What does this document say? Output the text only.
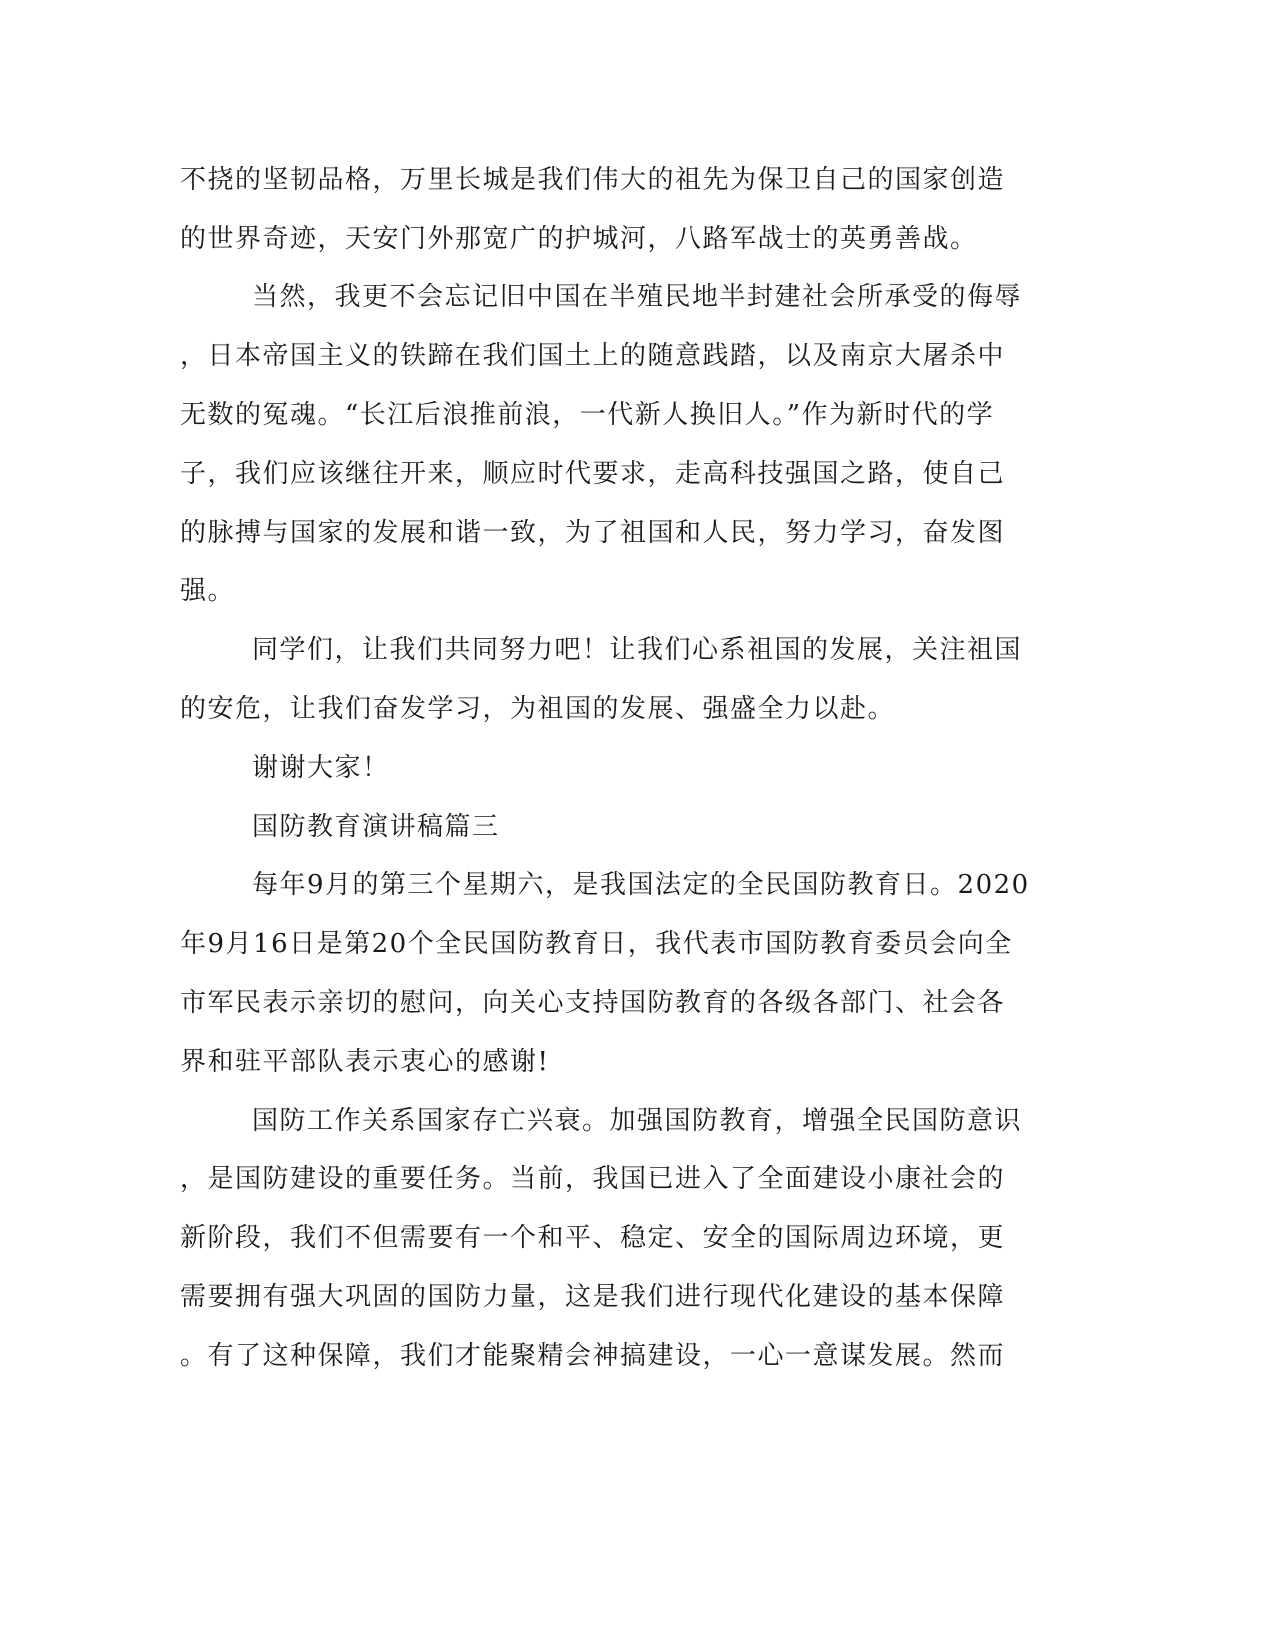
不挠的坚韧品格，万里长城是我们伟大的祖先为保卫自己的国家创造
的世界奇迹，天安门外那宽广的护城河，八路军战士的英勇善战。
当然，我更不会忘记旧中国在半殖民地半封建社会所承受的侮辱
，日本帝国主义的铁蹄在我们国土上的随意践踏，以及南京大屠杀中
无数的冤魂。“长江后浪推前浪，一代新人换旧人。”作为新时代的学
子，我们应该继往开来，顺应时代要求，走高科技强国之路，使自己
的脉搏与国家的发展和谐一致，为了祖国和人民，努力学习，奋发图
强。
同学们，让我们共同努力吧！让我们心系祖国的发展，关注祖国
的安危，让我们奋发学习，为祖国的发展、强盛全力以赴。
谢谢大家！
国防教育演讲稿篇三
每年9月的第三个星期六，是我国法定的全民国防教育日。2020
年9月16日是第20个全民国防教育日，我代表市国防教育委员会向全
市军民表示亲切的慰问，向关心支持国防教育的各级各部门、社会各
界和驻平部队表示衷心的感谢!
国防工作关系国家存亡兴衰。加强国防教育，增强全民国防意识
，是国防建设的重要任务。当前，我国已进入了全面建设小康社会的
新阶段，我们不但需要有一个和平、稳定、安全的国际周边环境，更
需要拥有强大巩固的国防力量，这是我们进行现代化建设的基本保障
。有了这种保障，我们才能聚精会神搞建设，一心一意谋发展。然而
